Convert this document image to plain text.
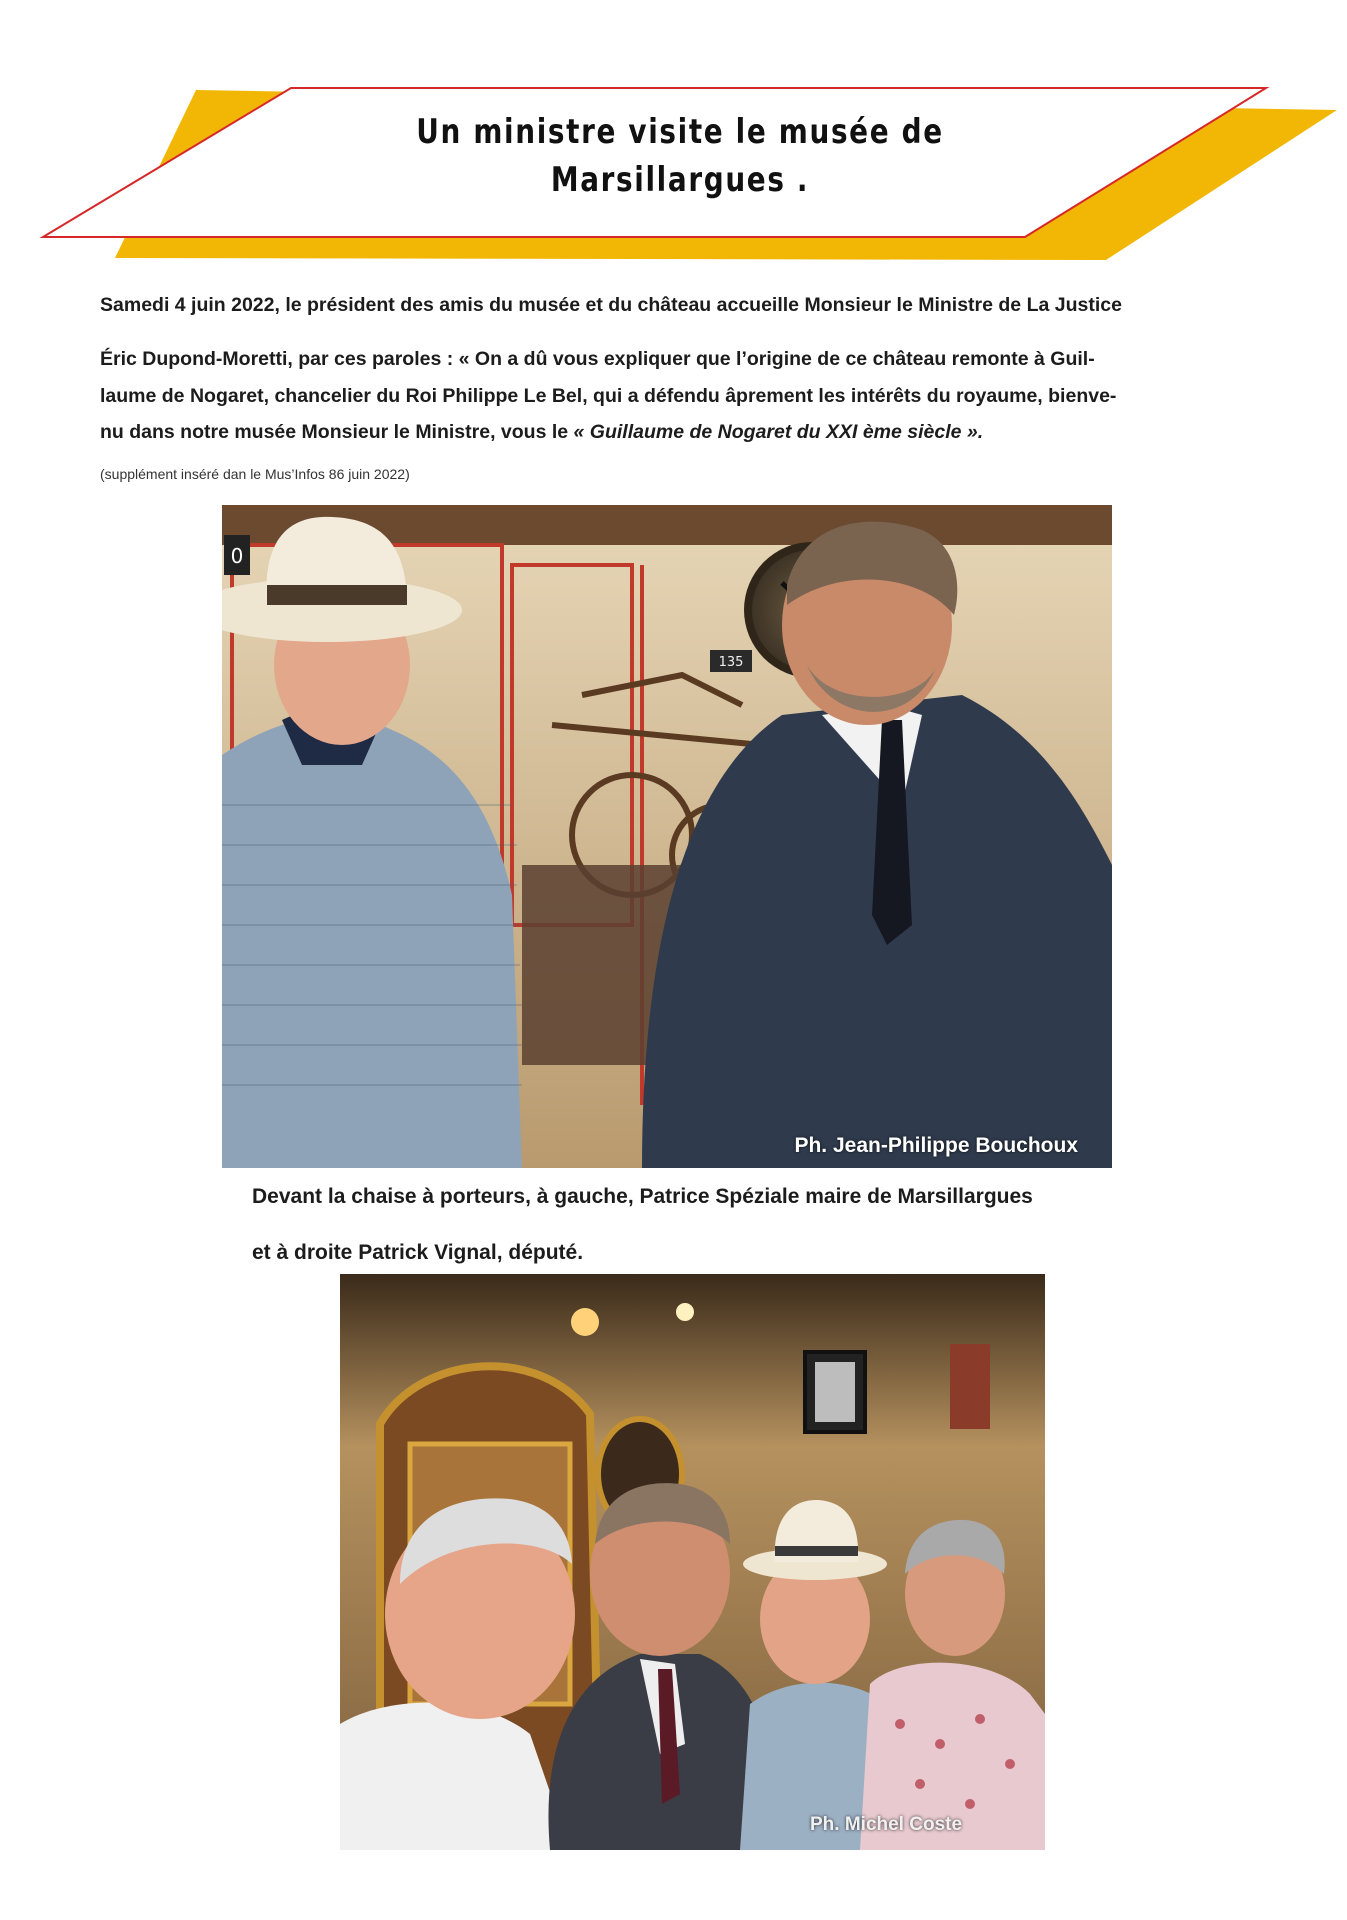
Un ministre visite le musée de
Marsillargues .
Samedi 4 juin 2022, le président des amis du musée et du château accueille Monsieur le Ministre de La Justice
Éric Dupond-Moretti, par ces paroles : « On a dû vous expliquer que l’origine de ce château remonte à Guil-
laume de Nogaret, chancelier du Roi Philippe Le Bel, qui a défendu âprement les intérêts du royaume, bienve-
nu dans notre musée Monsieur le Ministre, vous le « Guillaume de Nogaret du XXI ème siècle ».
(supplément inséré dan le Mus’Infos 86 juin 2022)
0
135
Ph. Jean-Philippe Bouchoux
Devant la chaise à porteurs, à gauche, Patrice Spéziale maire de Marsillargues
et à droite Patrick Vignal, député.
Ph. Michel Coste
